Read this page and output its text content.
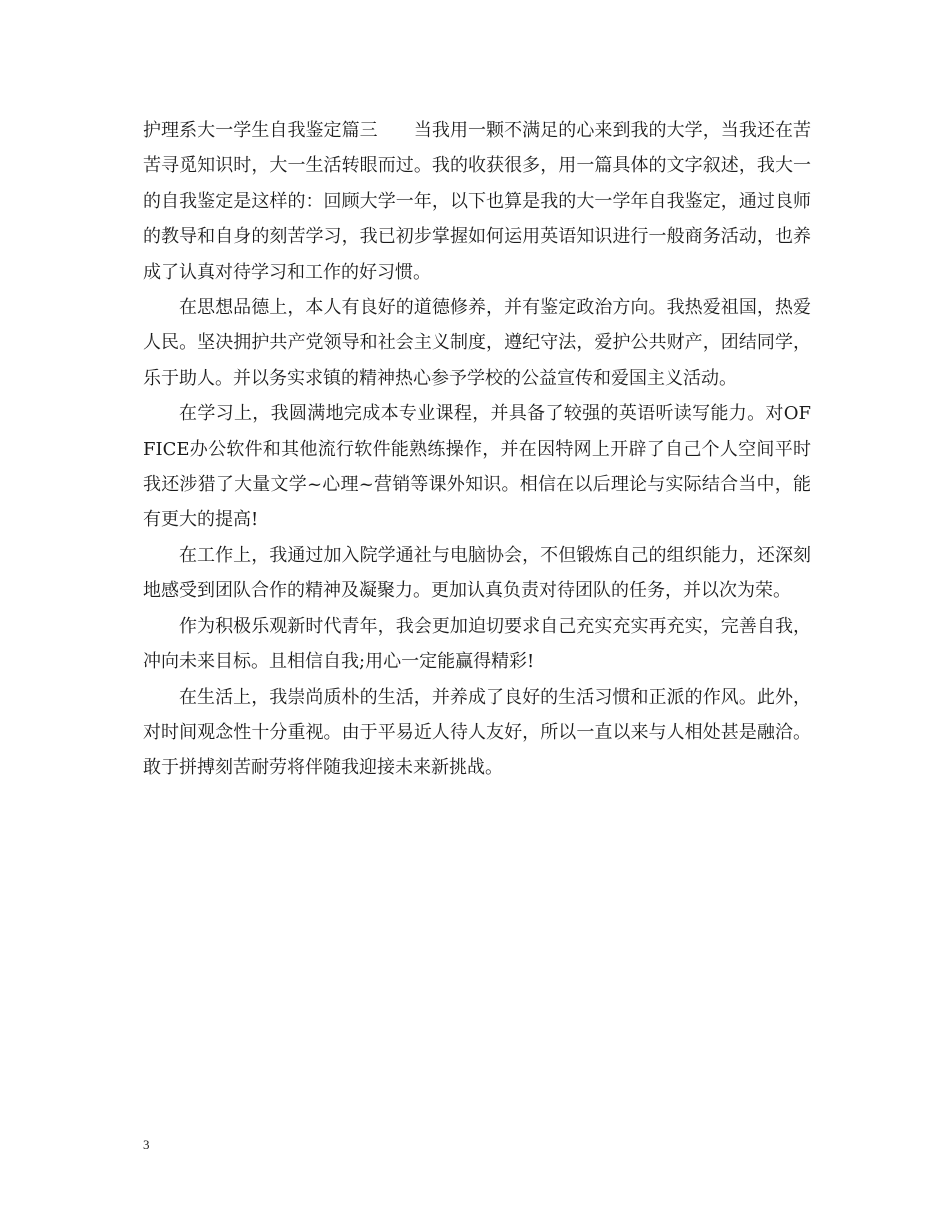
护理系大一学生自我鉴定篇三　　当我用一颗不满足的心来到我的大学，当我还在苦苦寻觅知识时，大一生活转眼而过。我的收获很多，用一篇具体的文字叙述，我大一的自我鉴定是这样的：回顾大学一年，以下也算是我的大一学年自我鉴定，通过良师的教导和自身的刻苦学习，我已初步掌握如何运用英语知识进行一般商务活动，也养成了认真对待学习和工作的好习惯。

在思想品德上，本人有良好的道德修养，并有鉴定政治方向。我热爱祖国，热爱人民。坚决拥护共产党领导和社会主义制度，遵纪守法，爱护公共财产，团结同学，乐于助人。并以务实求镇的精神热心参予学校的公益宣传和爱国主义活动。

在学习上，我圆满地完成本专业课程，并具备了较强的英语听读写能力。对OFFICE办公软件和其他流行软件能熟练操作，并在因特网上开辟了自己个人空间平时我还涉猎了大量文学~心理~营销等课外知识。相信在以后理论与实际结合当中，能有更大的提高!

在工作上，我通过加入院学通社与电脑协会，不但锻炼自己的组织能力，还深刻地感受到团队合作的精神及凝聚力。更加认真负责对待团队的任务，并以次为荣。

作为积极乐观新时代青年，我会更加迫切要求自己充实充实再充实，完善自我，冲向未来目标。且相信自我;用心一定能赢得精彩!

在生活上，我崇尚质朴的生活，并养成了良好的生活习惯和正派的作风。此外，对时间观念性十分重视。由于平易近人待人友好，所以一直以来与人相处甚是融洽。敢于拼搏刻苦耐劳将伴随我迎接未来新挑战。

3
